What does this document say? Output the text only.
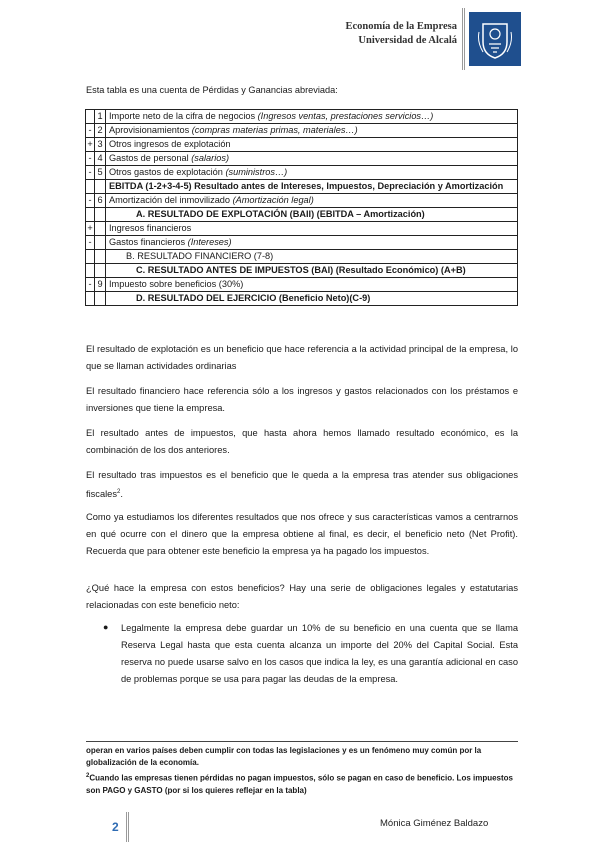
Economía de la Empresa
Universidad de Alcalá
Esta tabla es una cuenta de Pérdidas y Ganancias abreviada:
	1	Importe neto de la cifra de negocios (Ingresos ventas, prestaciones servicios…)
-	2	Aprovisionamientos (compras materias primas, materiales…)
+	3	Otros ingresos de explotación
-	4	Gastos de personal (salarios)
-	5	Otros gastos de explotación (suministros…)
		EBITDA (1-2+3-4-5) Resultado antes de Intereses, Impuestos, Depreciación y Amortización
-	6	Amortización del inmovilizado (Amortización legal)
		A. RESULTADO DE EXPLOTACIÓN (BAII) (EBITDA – Amortización)
+		Ingresos financieros
-		Gastos financieros (Intereses)
		B. RESULTADO FINANCIERO (7-8)
		C. RESULTADO ANTES DE IMPUESTOS (BAI) (Resultado Económico) (A+B)
-	9	Impuesto sobre beneficios (30%)
		D. RESULTADO DEL EJERCICIO (Beneficio Neto)(C-9)

El resultado de explotación es un beneficio que hace referencia a la actividad principal de la empresa, lo que se llaman actividades ordinarias

El resultado financiero hace referencia sólo a los ingresos y gastos relacionados con los préstamos e inversiones que tiene la empresa.

El resultado antes de impuestos, que hasta ahora hemos llamado resultado económico, es la combinación de los dos anteriores.

El resultado tras impuestos es el beneficio que le queda a la empresa tras atender sus obligaciones fiscales$^2$.

Como ya estudiamos los diferentes resultados que nos ofrece y sus características vamos a centrarnos en qué ocurre con el dinero que la empresa obtiene al final, es decir, el beneficio neto (Net Profit). Recuerda que para obtener este beneficio la empresa ya ha pagado los impuestos.

¿Qué hace la empresa con estos beneficios? Hay una serie de obligaciones legales y estatutarias relacionadas con este beneficio neto:

● Legalmente la empresa debe guardar un 10% de su beneficio en una cuenta que se llama Reserva Legal hasta que esta cuenta alcanza un importe del 20% del Capital Social. Esta reserva no puede usarse salvo en los casos que indica la ley, es una garantía adicional en caso de problemas porque se usa para pagar las deudas de la empresa.

operan en varios países deben cumplir con todas las legislaciones y es un fenómeno muy común por la globalización de la economía.

$^2$Cuando las empresas tienen pérdidas no pagan impuestos, sólo se pagan en caso de beneficio. Los impuestos son PAGO y GASTO (por si los quieres reflejar en la tabla)

2	Mónica Giménez Baldazo
